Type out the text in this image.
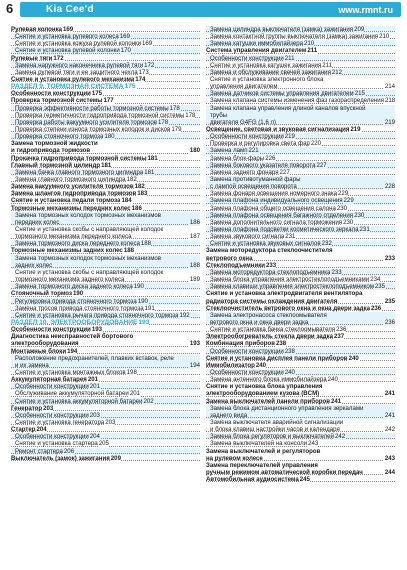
6	Kia Cee'd	www.rmnt.ru
Рулевая колонка169
Снятие и установка рулевого колеса169
Снятие и установка кожуха рулевой колонки169
Снятие и установка рулевой колонки170
Рулевые тяги172
Замена наружного наконечника рулевой тяги172
Замена рулевой тяги и ее защитного чехла173
Снятие и установка рулевого механизма174
РАЗДЕЛ 9. ТОРМОЗНАЯ СИСТЕМА175
Особенности конструкции175
Проверка тормозной системы177
Проверка эффективности работы тормозной системы178
Проверка герметичности гидропривода тормозной системы178
Проверка работы вакуумного усилителя тормозов178
Проверка степени износа тормозных колодок и дисков179
Проверка стояночного тормоза180
Замена тормозной жидкости
и гидропривода тормозов	180
Прокачка гидропривода тормозной системы181
Главный тормозной цилиндр181
Замена бачка главного тормозного цилиндра181
Замена главного тормозного цилиндра182
Замена вакуумного усилителя тормозов182
Замена шлангов гидропривода тормозов183
Снятие и установка педали тормоза184
Тормозные механизмы передних колес186
Замена тормозных колодок тормозных механизмов
передних колес	186
Снятие и установка скобы с направляющей колодок
тормозного механизма переднего колеса	187
Замена тормозного диска переднего колеса188
Тормозные механизмы задних колес188
Замена тормозных колодок тормозных механизмов
задних колес	188
Снятие и установка скобы с направляющей колодок
тормозного механизма заднего колеса	189
Замена тормозного диска заднего колеса190
Стояночный тормоз190
Регулировка привода стояночного тормоза190
Замена тросов привода стояночного тормоза191
Снятие и установка рычага привода стояночного тормоза192
РАЗДЕЛ 10. ЭЛЕКТРООБОРУДОВАНИЕ193
Особенности конструкции193
Диагностика неисправностей бортового
электрооборудования	193
Монтажные блоки194
Расположение предохранителей, плавких вставок, реле
и их замена	194
Снятие и установка монтажных блоков198
Аккумуляторная батарея201
Особенности конструкции201
Обслуживание аккумуляторной батареи201
Снятие и установка аккумуляторной батареи202
Генератор203
Особенности конструкции203
Снятие и установка генератора203
Стартер204
Особенности конструкции204
Снятие и установка стартера205
Ремонт стартера206
Выключатель (замок) зажигания209
Замена цилиндра выключателя (замка) зажигания209
Замена контактной группы выключателя (замка) зажигания210
Замена катушки иммобилайзера210
Система управления двигателем211
Особенности конструкции211
Снятие и установка катушек зажигания211
Замена и обслуживание свечей зажигания212
Снятие и установка электронного блока
управления двигателем	214
Замена датчиков системы управления двигателем215
Замена клапана системы изменения фаз газораспределения218
Замена клапана управления длиной каналов впускной трубы
двигателя G4FG (1,6 л)	219
Освещение, световая и звуковая сигнализация219
Особенности конструкции219
Проверка и регулировка света фар220
Замена ламп221
Замена блок-фары226
Замена бокового указателя поворота227
Замена заднего фонаря227
Замена противотуманной фары
с лампой освещения поворота	228
Замена фонаря освещения номерного знака229
Замена плафона индивидуального освещения229
Замена плафона общего освещения салона230
Замена плафона освещения багажного отделения230
Замена дополнительного сигнала торможения230
Замена плафона подсветки косметического зеркала231
Замена звукового сигнала231
Снятие и установка звуковых сигналов232
Замена моторедуктора стеклоочистителя
ветрового окна	233
Стеклоподъемники233
Замена моторедуктора стеклоподъемника233
Замена блока управления электростеклоподъемниками234
Замена клавиши управления электростеклоподъемником235
Снятие и установка электродвигателя вентилятора
радиатора системы охлаждения двигателя	235
Стеклоочиститель ветрового окна и окна двери задка236
Замена электронасоса стеклоомывателя
ветрового окна и окна двери задка	236
Снятие и установка бачка стеклоомывателя236
Электрообогреватель стекла двери задка237
Комбинация приборов238
Особенности конструкции238
Снятие и установка дисплея панели приборов240
Иммобилизатор240
Особенности конструкции240
Замена антенного блока иммобилайзера240
Снятие и установка блока управления
электрооборудованием кузова (BCM)	241
Замена выключателей панели приборов241
Замена блока дистанционного управления зеркалами
заднего вида	241
Замена выключателя аварийной сигнализации
и блока клавиш настройки часов и календаря	242
Замена блока регуляторов и выключателей242
Замена выключателей на консоли243
Замена выключателей и регуляторов
на рулевом колесе	243
Замена переключателей управления
ручным режимом автоматической коробки передач	244
Автомобильная аудиосистема245
